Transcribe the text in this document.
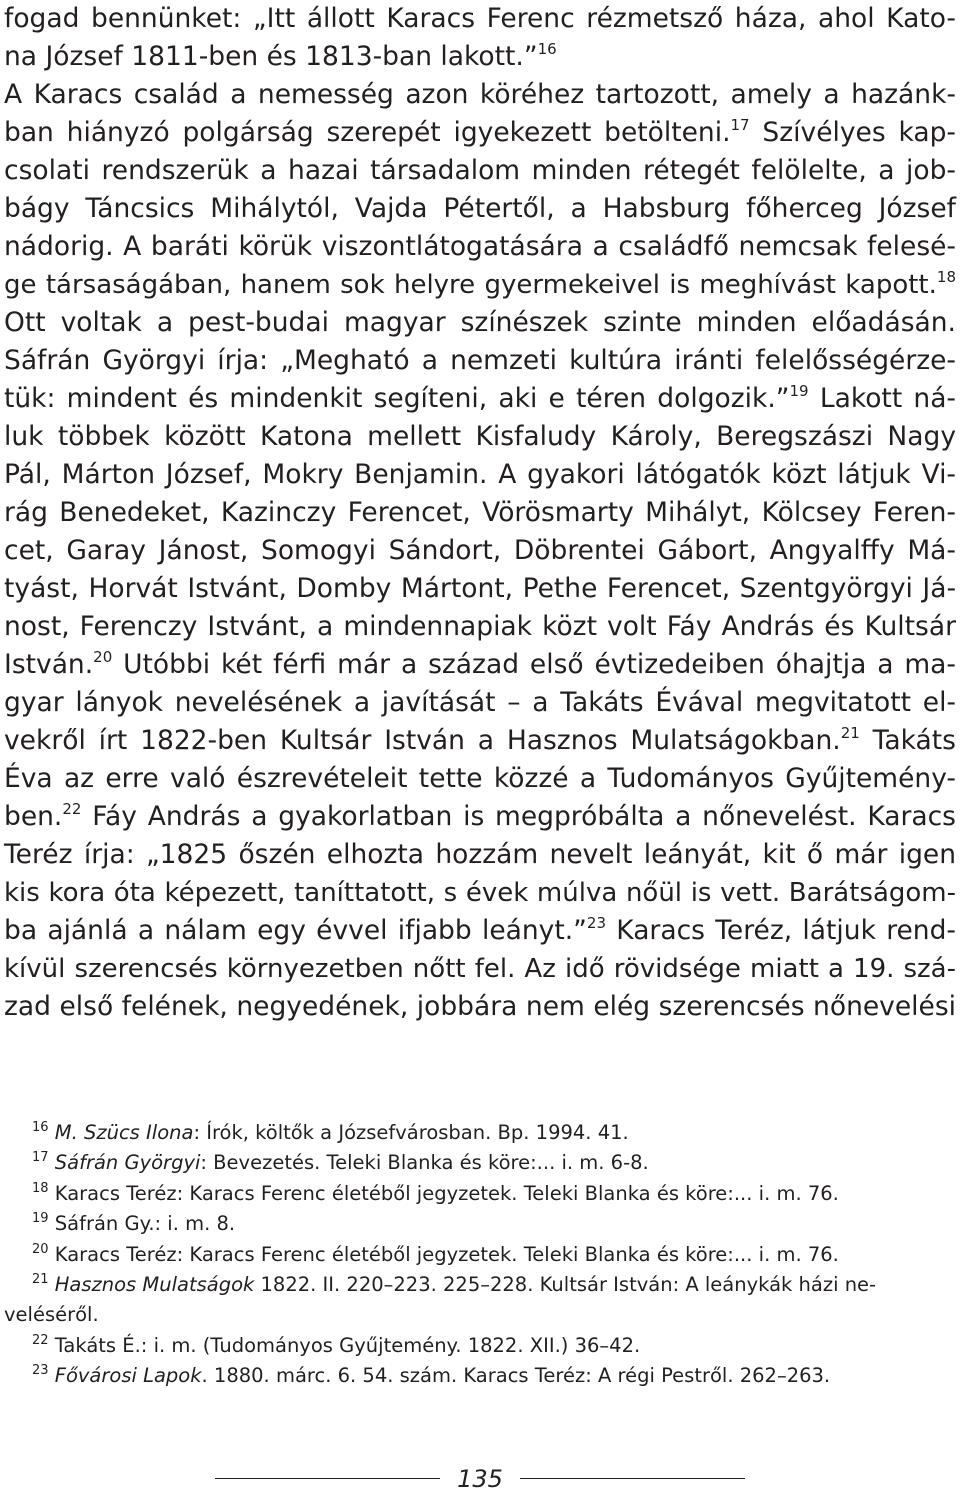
fogad bennünket: „Itt állott Karacs Ferenc rézmetsző háza, ahol Kato-
na József 1811-ben és 1813-ban lakott.”$^{16}$
A Karacs család a nemesség azon köréhez tartozott, amely a hazánk-
ban hiányzó polgárság szerepét igyekezett betölteni.$^{17}$ Szívélyes kap-
csolati rendszerük a hazai társadalom minden rétegét felölelte, a job-
bágy Táncsics Mihálytól, Vajda Pétertől, a Habsburg főherceg József
nádorig. A baráti körük viszontlátogatására a családfő nemcsak felesé-
ge társaságában, hanem sok helyre gyermekeivel is meghívást kapott.$^{18}$
Ott voltak a pest-budai magyar színészek szinte minden előadásán.
Sáfrán Györgyi írja: „Megható a nemzeti kultúra iránti felelősségérze-
tük: mindent és mindenkit segíteni, aki e téren dolgozik.”$^{19}$ Lakott ná-
luk többek között Katona mellett Kisfaludy Károly, Beregszászi Nagy
Pál, Márton József, Mokry Benjamin. A gyakori látógatók közt látjuk Vi-
rág Benedeket, Kazinczy Ferencet, Vörösmarty Mihályt, Kölcsey Feren-
cet, Garay Jánost, Somogyi Sándort, Döbrentei Gábort, Angyalffy Má-
tyást, Horvát Istvánt, Domby Mártont, Pethe Ferencet, Szentgyörgyi Já-
nost, Ferenczy Istvánt, a mindennapiak közt volt Fáy András és Kultsár
István.$^{20}$ Utóbbi két férfi már a század első évtizedeiben óhajtja a ma-
gyar lányok nevelésének a javítását – a Takáts Évával megvitatott el-
vekről írt 1822-ben Kultsár István a Hasznos Mulatságokban.$^{21}$ Takáts
Éva az erre való észrevételeit tette közzé a Tudományos Gyűjtemény-
ben.$^{22}$ Fáy András a gyakorlatban is megpróbálta a nőnevelést. Karacs
Teréz írja: „1825 őszén elhozta hozzám nevelt leányát, kit ő már igen
kis kora óta képezett, taníttatott, s évek múlva nőül is vett. Barátságom-
ba ajánlá a nálam egy évvel ifjabb leányt.”$^{23}$ Karacs Teréz, látjuk rend-
kívül szerencsés környezetben nőtt fel. Az idő rövidsége miatt a 19. szá-
zad első felének, negyedének, jobbára nem elég szerencsés nőnevelési
$^{16}$ M. Szücs Ilona: Írók, költők a Józsefvárosban. Bp. 1994. 41.
$^{17}$ Sáfrán Györgyi: Bevezetés. Teleki Blanka és köre:... i. m. 6-8.
$^{18}$ Karacs Teréz: Karacs Ferenc életéből jegyzetek. Teleki Blanka és köre:... i. m. 76.
$^{19}$ Sáfrán Gy.: i. m. 8.
$^{20}$ Karacs Teréz: Karacs Ferenc életéből jegyzetek. Teleki Blanka és köre:... i. m. 76.
$^{21}$ Hasznos Mulatságok 1822. II. 220–223. 225–228. Kultsár István: A leánykák házi ne-
veléséről.
$^{22}$ Takáts É.: i. m. (Tudományos Gyűjtemény. 1822. XII.) 36–42.
$^{23}$ Fővárosi Lapok. 1880. márc. 6. 54. szám. Karacs Teréz: A régi Pestről. 262–263.
135
